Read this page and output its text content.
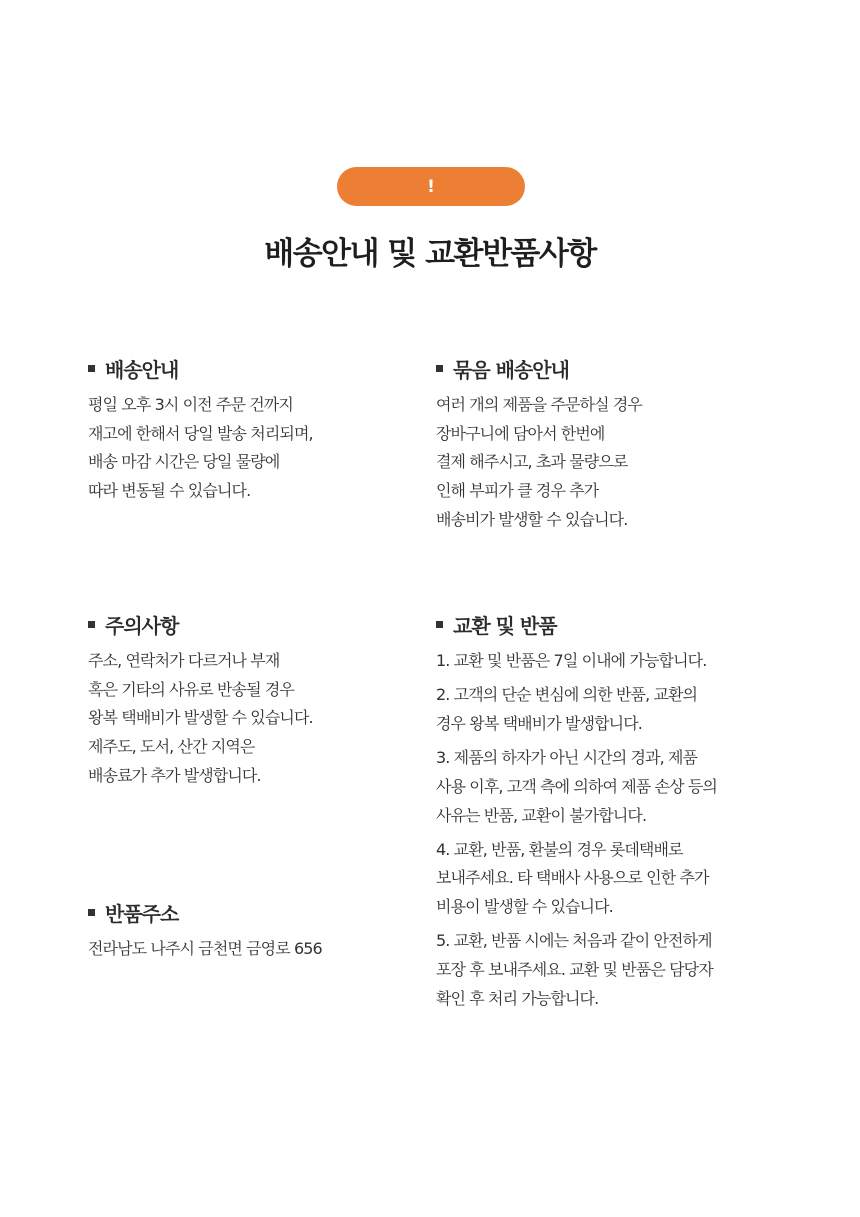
!
배송안내 및 교환반품사항
배송안내
평일 오후 3시 이전 주문 건까지
재고에 한해서 당일 발송 처리되며,
배송 마감 시간은 당일 물량에
따라 변동될 수 있습니다.
묶음 배송안내
여러 개의 제품을 주문하실 경우
장바구니에 담아서 한번에
결제 해주시고, 초과 물량으로
인해 부피가 클 경우 추가
배송비가 발생할 수 있습니다.
주의사항
주소, 연락처가 다르거나 부재
혹은 기타의 사유로 반송될 경우
왕복 택배비가 발생할 수 있습니다.
제주도, 도서, 산간 지역은
배송료가 추가 발생합니다.
반품주소
전라남도 나주시 금천면 금영로 656
교환 및 반품
1. 교환 및 반품은 7일 이내에 가능합니다.
2. 고객의 단순 변심에 의한 반품, 교환의
경우 왕복 택배비가 발생합니다.
3. 제품의 하자가 아닌 시간의 경과, 제품
사용 이후, 고객 측에 의하여 제품 손상 등의
사유는 반품, 교환이 불가합니다.
4. 교환, 반품, 환불의 경우 롯데택배로
보내주세요. 타 택배사 사용으로 인한 추가
비용이 발생할 수 있습니다.
5. 교환, 반품 시에는 처음과 같이 안전하게
포장 후 보내주세요. 교환 및 반품은 담당자
확인 후 처리 가능합니다.
